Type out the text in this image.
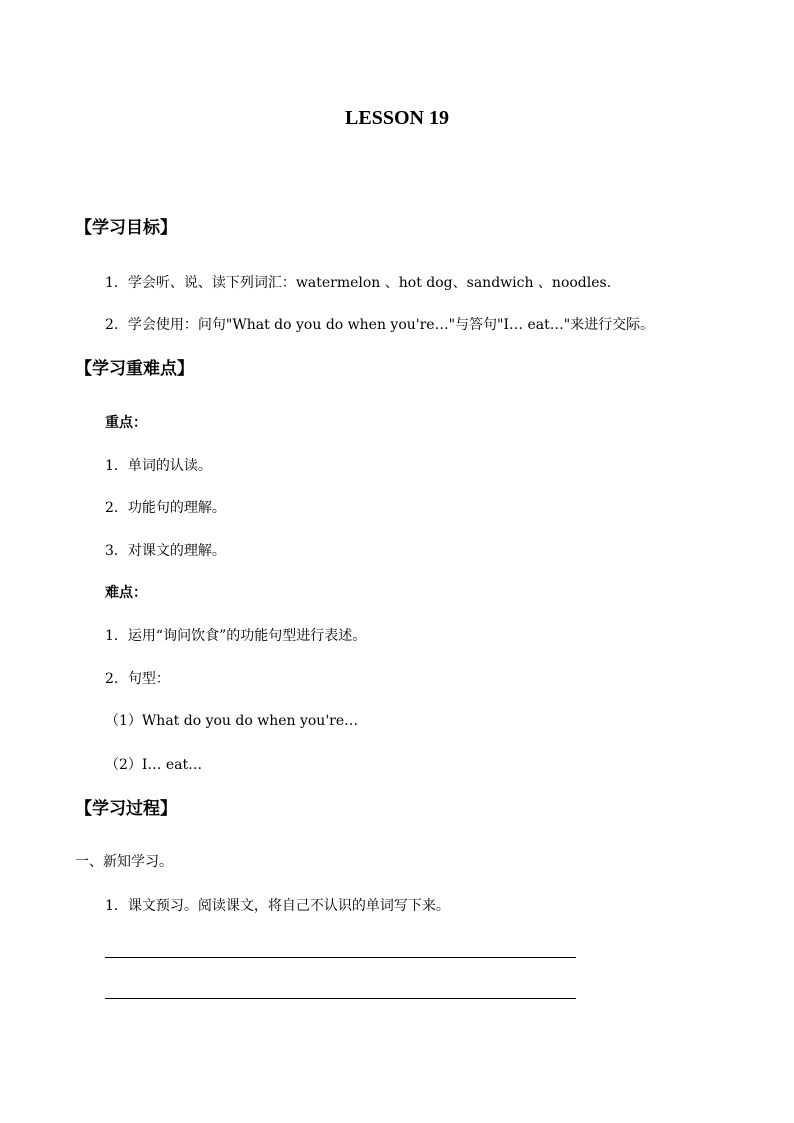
LESSON 19
【学习目标】
1．学会听、说、读下列词汇：watermelon 、hot dog、sandwich 、noodles.
2．学会使用：问句"What do you do when you're…"与答句"I… eat…"来进行交际。
【学习重难点】
重点：
1．单词的认读。
2．功能句的理解。
3．对课文的理解。
难点：
1．运用“询问饮食”的功能句型进行表述。
2．句型：
（1）What do you do when you're…
（2）I… eat…
【学习过程】
一、新知学习。
1．课文预习。阅读课文，将自己不认识的单词写下来。
